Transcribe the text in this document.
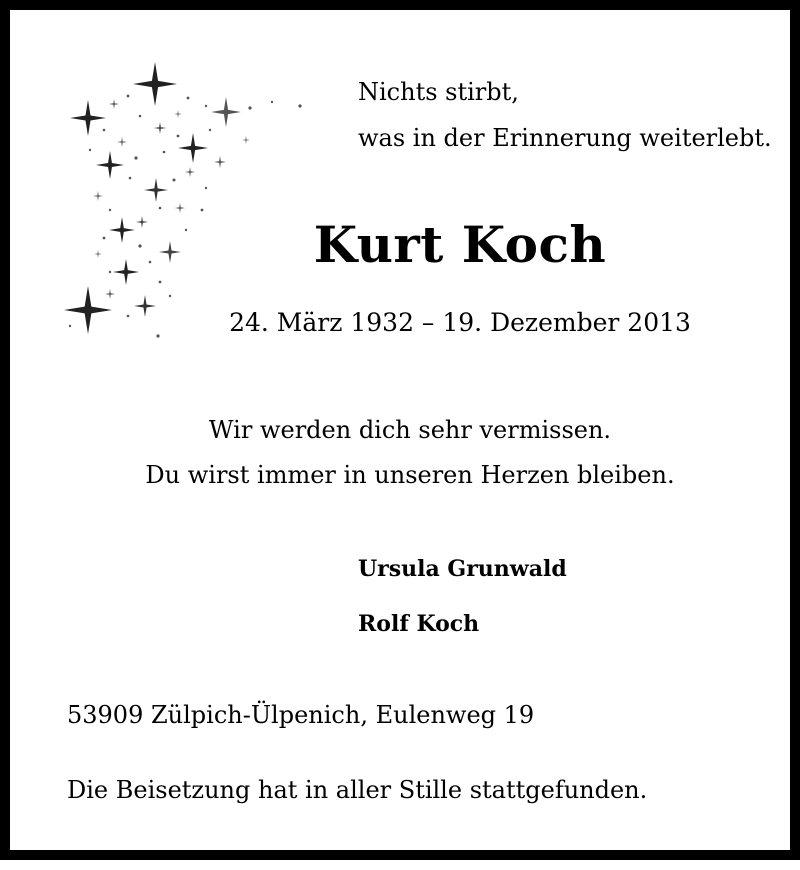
Nichts stirbt,

was in der Erinnerung weiterlebt.

Kurt Koch

24. März 1932 – 19. Dezember 2013

Wir werden dich sehr vermissen.

Du wirst immer in unseren Herzen bleiben.

Ursula Grunwald

Rolf Koch

53909 Zülpich-Ülpenich, Eulenweg 19

Die Beisetzung hat in aller Stille stattgefunden.
